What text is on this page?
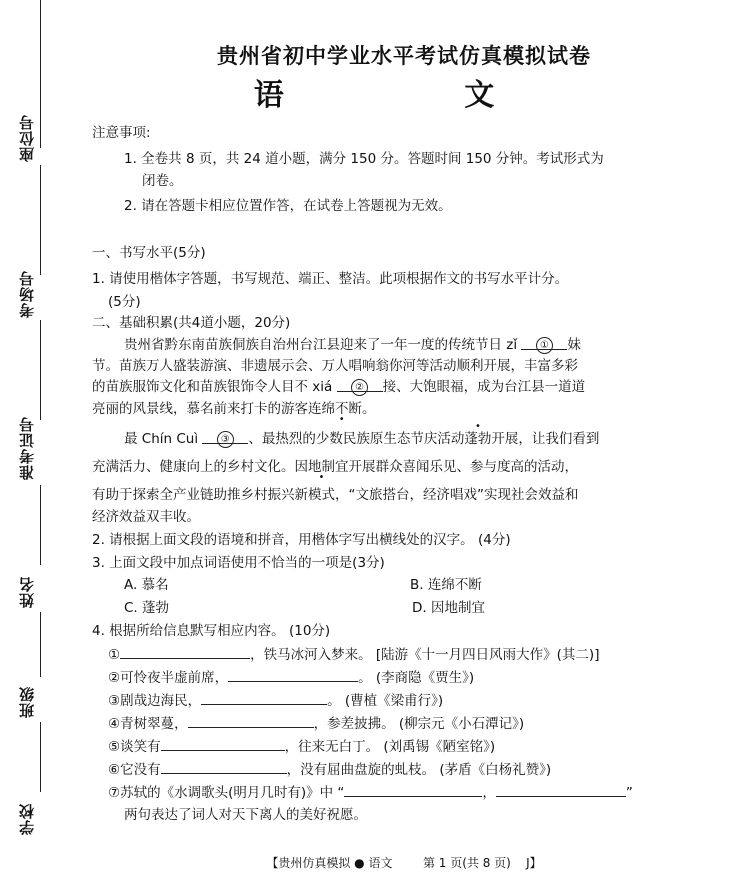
座位号
考场号
准考证号
姓名
班级
学校
贵州省初中学业水平考试仿真模拟试卷
语 文
注意事项:
1. 全卷共 8 页，共 24 道小题，满分 150 分。答题时间 150 分钟。考试形式为
闭卷。
2. 请在答题卡相应位置作答，在试卷上答题视为无效。
一、书写水平(5分)
1. 请使用楷体字答题，书写规范、端正、整洁。此项根据作文的书写水平计分。
(5分)
二、基础积累(共4道小题，20分)
贵州省黔东南苗族侗族自治州台江县迎来了一年一度的传统节日 zǐ ① 妹
节。苗族万人盛装游演、非遗展示会、万人唱响翁你河等活动顺利开展，丰富多彩
的苗族服饰文化和苗族银饰令人目不 xiá ② 接、大饱眼福，成为台江县一道道
亮丽的风景线，慕名前来打卡的游客连绵不断。
最 Chín Cuì ③ 、最热烈的少数民族原生态节庆活动蓬勃开展，让我们看到
充满活力、健康向上的乡村文化。因地制宜开展群众喜闻乐见、参与度高的活动，
有助于探索全产业链助推乡村振兴新模式，“文旅搭台，经济唱戏”实现社会效益和
经济效益双丰收。
2. 请根据上面文段的语境和拼音，用楷体字写出横线处的汉字。 (4分)
3. 上面文段中加点词语使用不恰当的一项是(3分)
A. 慕名	B. 连绵不断
C. 蓬勃	D. 因地制宜
4. 根据所给信息默写相应内容。 (10分)
①	，铁马冰河入梦来。 [陆游《十一月四日风雨大作》(其二)]
②可怜夜半虚前席，	。 (李商隐《贾生》)
③剧哉边海民，	。 (曹植《梁甫行》)
④青树翠蔓，	，参差披拂。 (柳宗元《小石潭记》)
⑤谈笑有	，往来无白丁。 (刘禹锡《陋室铭》)
⑥它没有	，没有屈曲盘旋的虬枝。 (茅盾《白杨礼赞》)
⑦苏轼的《水调歌头(明月几时有)》中 “	，	”
两句表达了词人对天下离人的美好祝愿。
【贵州仿真模拟 ● 语文        第 1 页(共 8 页)    J】
